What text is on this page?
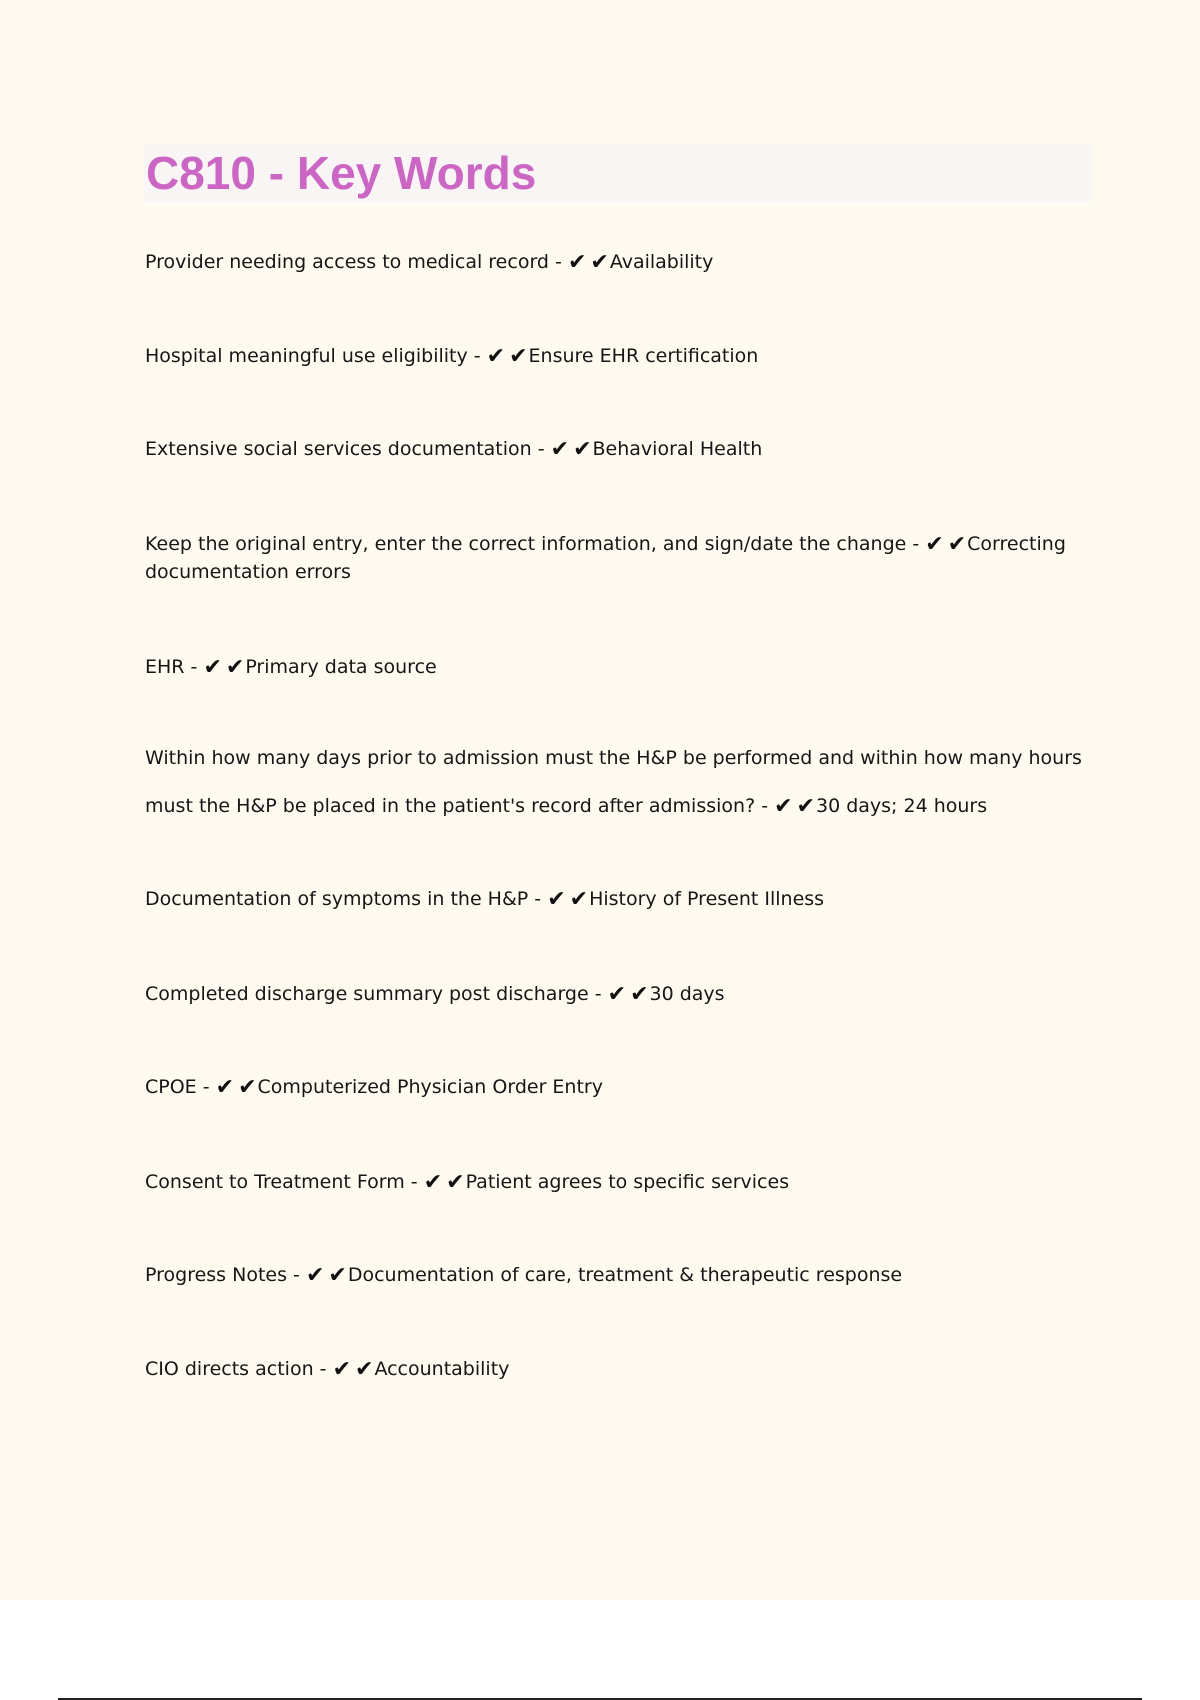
C810 - Key Words
Provider needing access to medical record - ✔ ✔Availability
Hospital meaningful use eligibility - ✔ ✔Ensure EHR certification
Extensive social services documentation - ✔ ✔Behavioral Health
Keep the original entry, enter the correct information, and sign/date the change - ✔ ✔Correcting documentation errors
EHR - ✔ ✔Primary data source
Within how many days prior to admission must the H&P be performed and within how many hours must the H&P be placed in the patient's record after admission? - ✔ ✔30 days; 24 hours
Documentation of symptoms in the H&P - ✔ ✔History of Present Illness
Completed discharge summary post discharge - ✔ ✔30 days
CPOE - ✔ ✔Computerized Physician Order Entry
Consent to Treatment Form - ✔ ✔Patient agrees to specific services
Progress Notes - ✔ ✔Documentation of care, treatment & therapeutic response
CIO directs action - ✔ ✔Accountability
